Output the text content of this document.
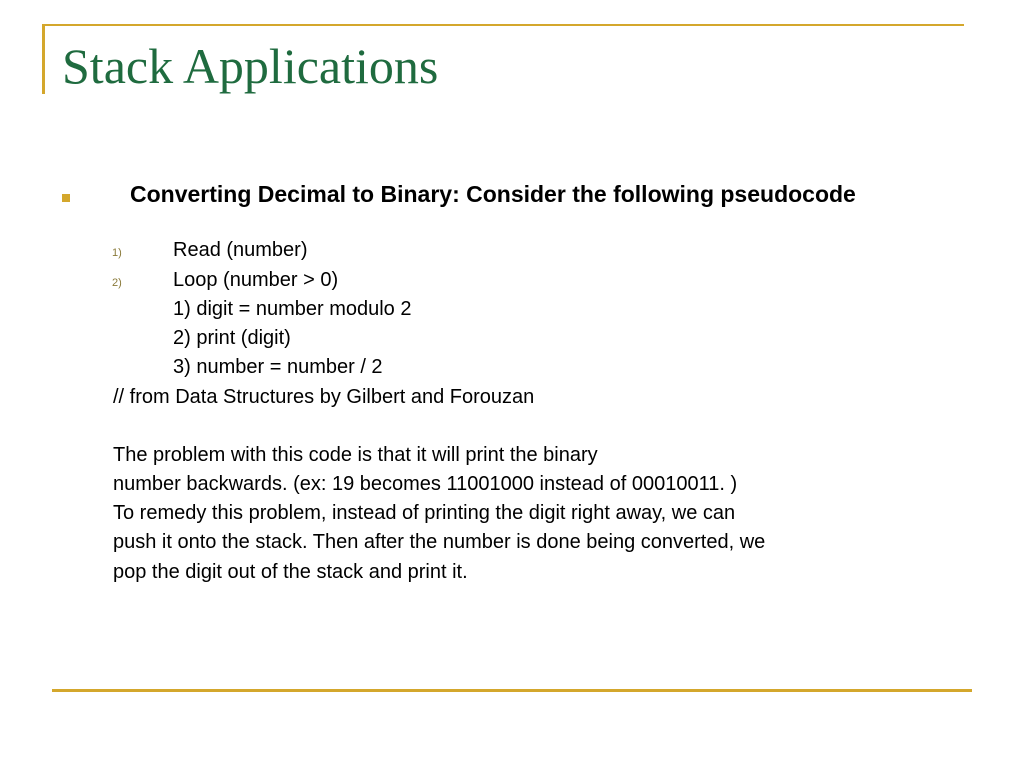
Stack Applications

Converting Decimal to Binary: Consider the following pseudocode

1)	Read (number)
2)	Loop (number > 0)
1) digit = number modulo 2
2) print (digit)
3) number = number / 2
// from Data Structures by Gilbert and Forouzan
The problem with this code is that it will print the binary
number backwards. (ex: 19 becomes 11001000 instead of 00010011. )
To remedy this problem, instead of printing the digit right away, we can
push it onto the stack. Then after the number is done being converted, we
pop the digit out of the stack and print it.
